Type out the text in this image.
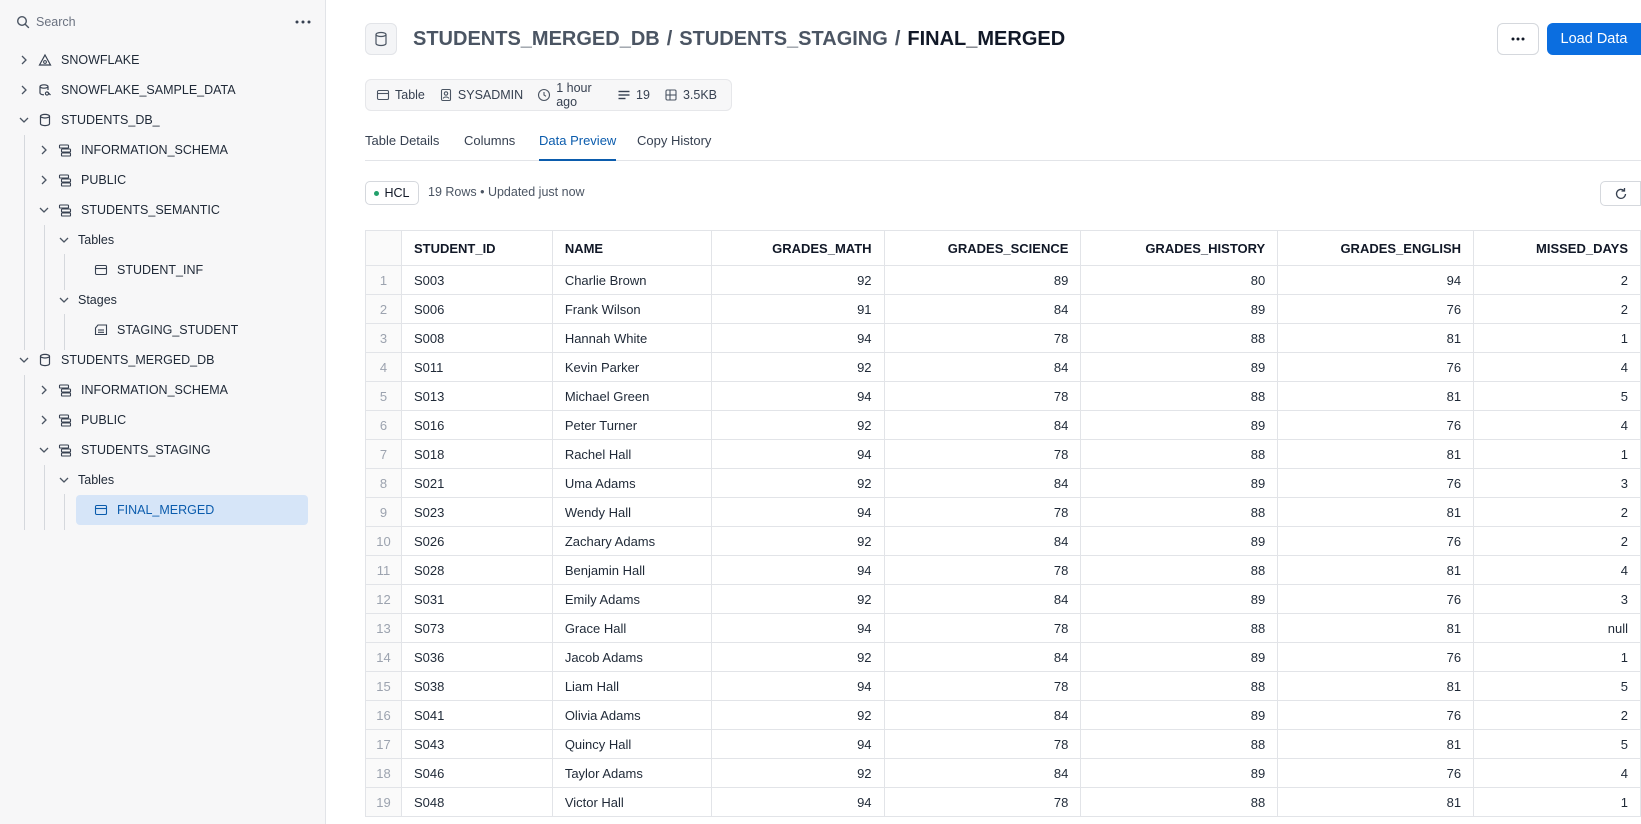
Search
SNOWFLAKE
SNOWFLAKE_SAMPLE_DATA
STUDENTS_DB_
INFORMATION_SCHEMA
PUBLIC
STUDENTS_SEMANTIC
Tables
STUDENT_INF
Stages
STAGING_STUDENT
STUDENTS_MERGED_DB
INFORMATION_SCHEMA
PUBLIC
STUDENTS_STAGING
Tables
FINAL_MERGED
STUDENTS_MERGED_DB / STUDENTS_STAGING / FINAL_MERGED	Load Data
Table	SYSADMIN	1 hour ago	19	3.5KB
Table Details Columns Data Preview Copy History
HCL 19 Rows • Updated just now
	STUDENT_ID	NAME	GRADES_MATH	GRADES_SCIENCE	GRADES_HISTORY	GRADES_ENGLISH	MISSED_DAYS
1	S003	Charlie Brown	92	89	80	94	2
2	S006	Frank Wilson	91	84	89	76	2
3	S008	Hannah White	94	78	88	81	1
4	S011	Kevin Parker	92	84	89	76	4
5	S013	Michael Green	94	78	88	81	5
6	S016	Peter Turner	92	84	89	76	4
7	S018	Rachel Hall	94	78	88	81	1
8	S021	Uma Adams	92	84	89	76	3
9	S023	Wendy Hall	94	78	88	81	2
10	S026	Zachary Adams	92	84	89	76	2
11	S028	Benjamin Hall	94	78	88	81	4
12	S031	Emily Adams	92	84	89	76	3
13	S073	Grace Hall	94	78	88	81	null
14	S036	Jacob Adams	92	84	89	76	1
15	S038	Liam Hall	94	78	88	81	5
16	S041	Olivia Adams	92	84	89	76	2
17	S043	Quincy Hall	94	78	88	81	5
18	S046	Taylor Adams	92	84	89	76	4
19	S048	Victor Hall	94	78	88	81	1
